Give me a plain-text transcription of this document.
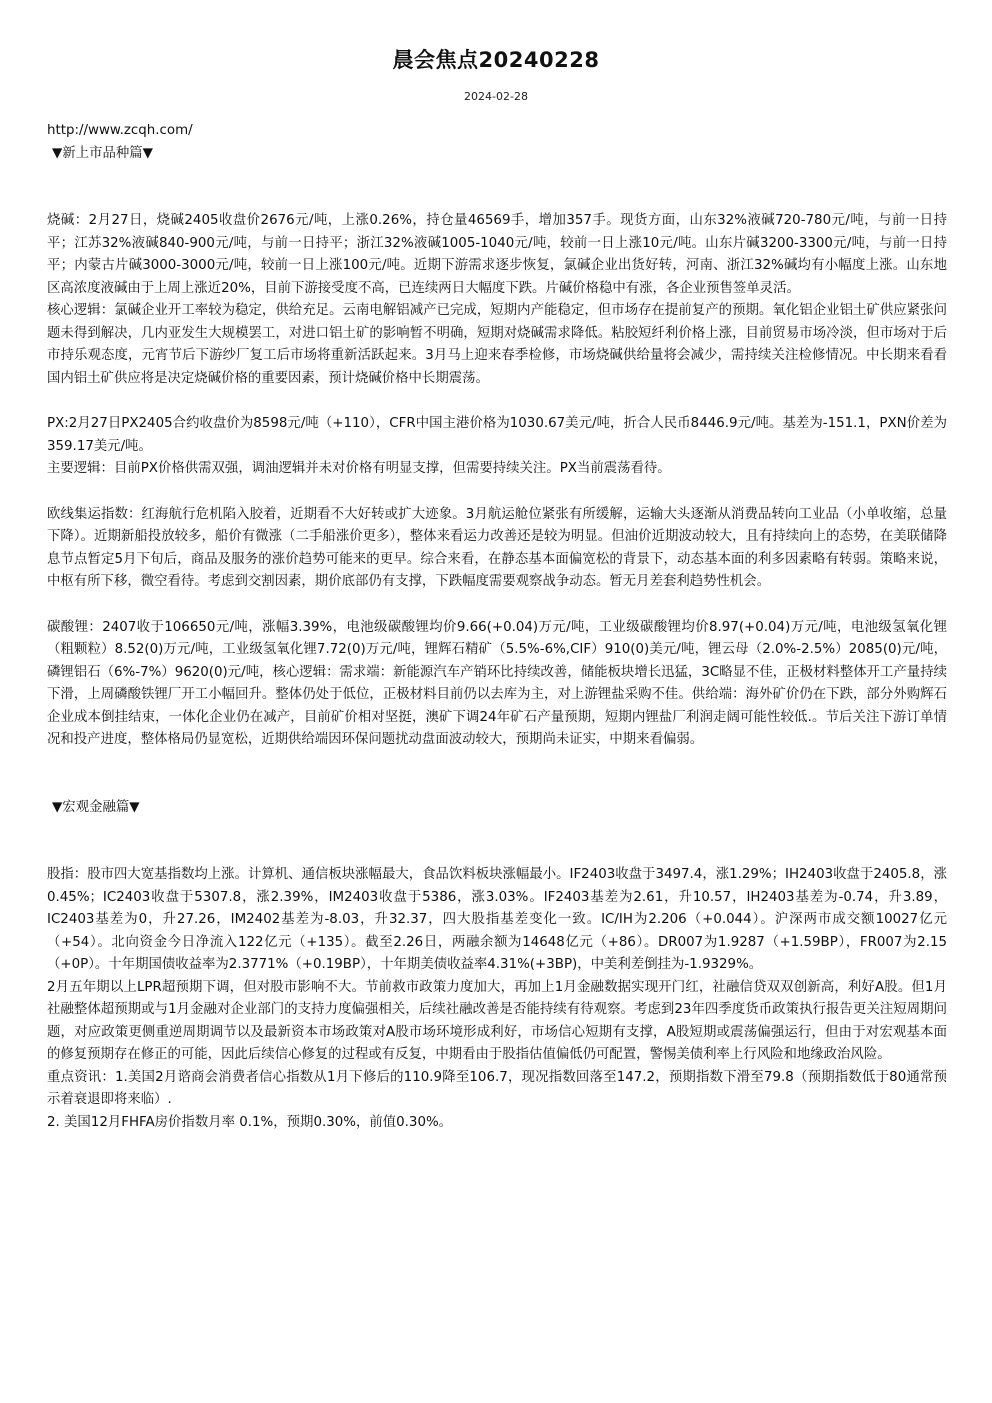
晨会焦点20240228
2024-02-28
http://www.zcqh.com/

▼新上市品种篇▼

烧碱：2月27日，烧碱2405收盘价2676元/吨，上涨0.26%，持仓量46569手，增加357手。现货方面，山东32%液碱720-780元/吨，与前一日持平；江苏32%液碱840-900元/吨，与前一日持平；浙江32%液碱1005-1040元/吨，较前一日上涨10元/吨。山东片碱3200-3300元/吨，与前一日持平；内蒙古片碱3000-3000元/吨，较前一日上涨100元/吨。近期下游需求逐步恢复，氯碱企业出货好转，河南、浙江32%碱均有小幅度上涨。山东地区高浓度液碱由于上周上涨近20%，目前下游接受度不高，已连续两日大幅度下跌。片碱价格稳中有涨，各企业预售签单灵活。

核心逻辑：氯碱企业开工率较为稳定，供给充足。云南电解铝减产已完成，短期内产能稳定，但市场存在提前复产的预期。氧化铝企业铝土矿供应紧张问题未得到解决，几内亚发生大规模罢工，对进口铝土矿的影响暂不明确，短期对烧碱需求降低。粘胶短纤利价格上涨，目前贸易市场冷淡，但市场对于后市持乐观态度，元宵节后下游纱厂复工后市场将重新活跃起来。3月马上迎来春季检修，市场烧碱供给量将会减少，需持续关注检修情况。中长期来看看国内铝土矿供应将是决定烧碱价格的重要因素，预计烧碱价格中长期震荡。

PX:2月27日PX2405合约收盘价为8598元/吨（+110），CFR中国主港价格为1030.67美元/吨，折合人民币8446.9元/吨。基差为-151.1，PXN价差为359.17美元/吨。

主要逻辑：目前PX价格供需双强，调油逻辑并未对价格有明显支撑，但需要持续关注。PX当前震荡看待。

欧线集运指数：红海航行危机陷入胶着，近期看不大好转或扩大迹象。3月航运舱位紧张有所缓解，运输大头逐渐从消费品转向工业品（小单收缩，总量下降）。近期新船投放较多，船价有微涨（二手船涨价更多），整体来看运力改善还是较为明显。但油价近期波动较大，且有持续向上的态势，在美联储降息节点暂定5月下旬后，商品及服务的涨价趋势可能来的更早。综合来看，在静态基本面偏宽松的背景下，动态基本面的利多因素略有转弱。策略来说，中枢有所下移，微空看待。考虑到交割因素，期价底部仍有支撑，下跌幅度需要观察战争动态。暂无月差套利趋势性机会。

碳酸锂：2407收于106650元/吨，涨幅3.39%，电池级碳酸锂均价9.66(+0.04)万元/吨，工业级碳酸锂均价8.97(+0.04)万元/吨，电池级氢氧化锂（粗颗粒）8.52(0)万元/吨，工业级氢氧化锂7.72(0)万元/吨，锂辉石精矿（5.5%-6%,CIF）910(0)美元/吨，锂云母（2.0%-2.5%）2085(0)元/吨，磷锂铝石（6%-7%）9620(0)元/吨，核心逻辑：需求端：新能源汽车产销环比持续改善，储能板块增长迅猛，3C略显不佳，正极材料整体开工产量持续下滑，上周磷酸铁锂厂开工小幅回升。整体仍处于低位，正极材料目前仍以去库为主，对上游锂盐采购不佳。供给端：海外矿价仍在下跌，部分外购辉石企业成本倒挂结束，一体化企业仍在减产，目前矿价相对坚挺，澳矿下调24年矿石产量预期，短期内锂盐厂利润走阔可能性较低.。节后关注下游订单情况和投产进度，整体格局仍显宽松，近期供给端因环保问题扰动盘面波动较大，预期尚未证实，中期来看偏弱。

▼宏观金融篇▼

股指：股市四大宽基指数均上涨。计算机、通信板块涨幅最大，食品饮料板块涨幅最小。IF2403收盘于3497.4，涨1.29%；IH2403收盘于2405.8，涨0.45%；IC2403收盘于5307.8，涨2.39%，IM2403收盘于5386，涨3.03%。IF2403基差为2.61，升10.57，IH2403基差为-0.74，升3.89，IC2403基差为0，升27.26，IM2402基差为-8.03，升32.37，四大股指基差变化一致。IC/IH为2.206（+0.044）。沪深两市成交额10027亿元（+54）。北向资金今日净流入122亿元（+135）。截至2.26日，两融余额为14648亿元（+86）。DR007为1.9287（+1.59BP），FR007为2.15（+0P）。十年期国债收益率为2.3771%（+0.19BP），十年期美债收益率4.31%(+3BP)，中美利差倒挂为-1.9329%。

2月五年期以上LPR超预期下调，但对股市影响不大。节前救市政策力度加大，再加上1月金融数据实现开门红，社融信贷双双创新高，利好A股。但1月社融整体超预期或与1月金融对企业部门的支持力度偏强相关，后续社融改善是否能持续有待观察。考虑到23年四季度货币政策执行报告更关注短周期问题，对应政策更侧重逆周期调节以及最新资本市场政策对A股市场环境形成利好，市场信心短期有支撑，A股短期或震荡偏强运行，但由于对宏观基本面的修复预期存在修正的可能，因此后续信心修复的过程或有反复，中期看由于股指估值偏低仍可配置，警惕美债利率上行风险和地缘政治风险。

重点资讯：1.美国2月谘商会消费者信心指数从1月下修后的110.9降至106.7，现况指数回落至147.2，预期指数下滑至79.8（预期指数低于80通常预示着衰退即将来临）.

2. 美国12月FHFA房价指数月率 0.1%，预期0.30%，前值0.30%。
